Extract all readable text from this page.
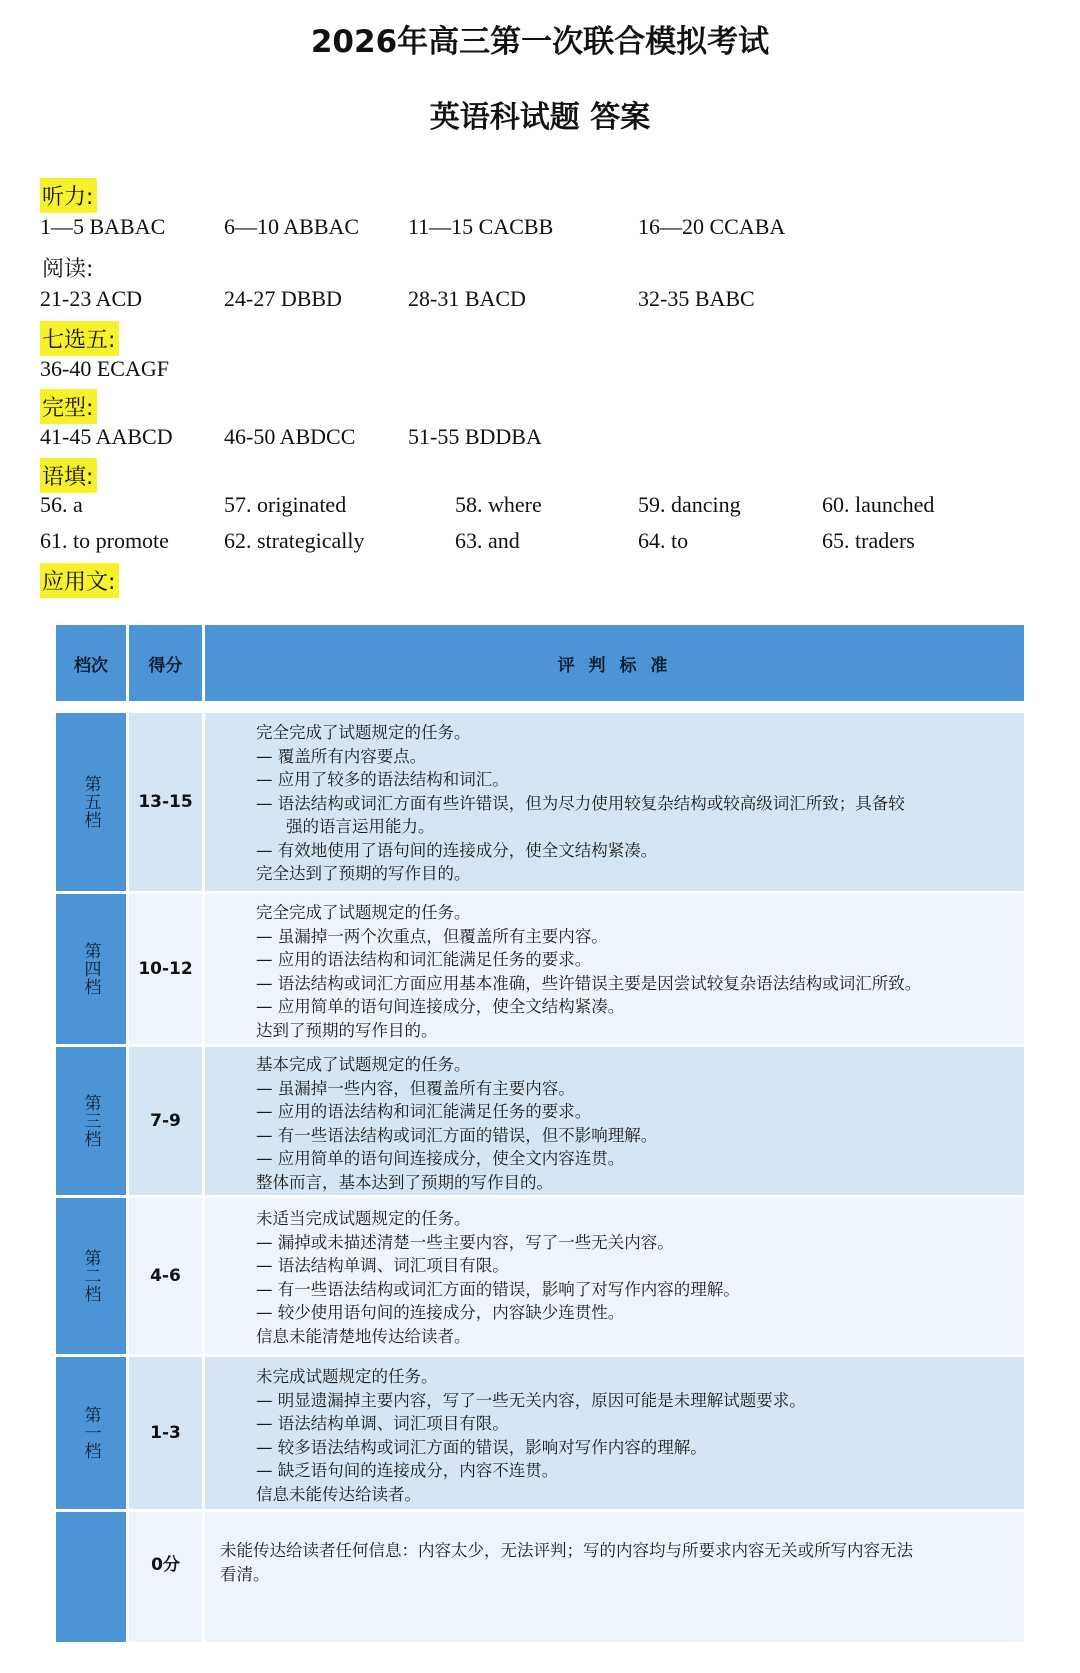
2026年高三第一次联合模拟考试
英语科试题 答案
听力:
1—5 BABAC	6—10 ABBAC 11—15 CACBB	16—20 CCABA
阅读:
21-23 ACD	24-27 DBBD	28-31 BACD	32-35 BABC
七选五:
36-40 ECAGF
完型:
41-45 AABCD 46-50 ABDCC 51-55 BDDBA
语填:
56. a	57. originated	58. where	59. dancing	60. launched
61. to promote	62. strategically	63. and	64. to	65. traders
应用文:
档次	得分	评 判 标 准
第五档	13-15
完全完成了试题规定的任务。
— 覆盖所有内容要点。
— 应用了较多的语法结构和词汇。
— 语法结构或词汇方面有些许错误，但为尽力使用较复杂结构或较高级词汇所致；具备较
强的语言运用能力。
— 有效地使用了语句间的连接成分，使全文结构紧凑。
完全达到了预期的写作目的。
第四档	10-12
完全完成了试题规定的任务。
— 虽漏掉一两个次重点，但覆盖所有主要内容。
— 应用的语法结构和词汇能满足任务的要求。
— 语法结构或词汇方面应用基本准确，些许错误主要是因尝试较复杂语法结构或词汇所致。
— 应用简单的语句间连接成分，使全文结构紧凑。
达到了预期的写作目的。
第三档	7-9
基本完成了试题规定的任务。
— 虽漏掉一些内容，但覆盖所有主要内容。
— 应用的语法结构和词汇能满足任务的要求。
— 有一些语法结构或词汇方面的错误，但不影响理解。
— 应用简单的语句间连接成分，使全文内容连贯。
整体而言，基本达到了预期的写作目的。
第二档	4-6
未适当完成试题规定的任务。
— 漏掉或未描述清楚一些主要内容，写了一些无关内容。
— 语法结构单调、词汇项目有限。
— 有一些语法结构或词汇方面的错误，影响了对写作内容的理解。
— 较少使用语句间的连接成分，内容缺少连贯性。
信息未能清楚地传达给读者。
第一档	1-3
未完成试题规定的任务。
— 明显遗漏掉主要内容，写了一些无关内容，原因可能是未理解试题要求。
— 语法结构单调、词汇项目有限。
— 较多语法结构或词汇方面的错误，影响对写作内容的理解。
— 缺乏语句间的连接成分，内容不连贯。
信息未能传达给读者。
0分
未能传达给读者任何信息：内容太少，无法评判；写的内容均与所要求内容无关或所写内容无法
看清。
